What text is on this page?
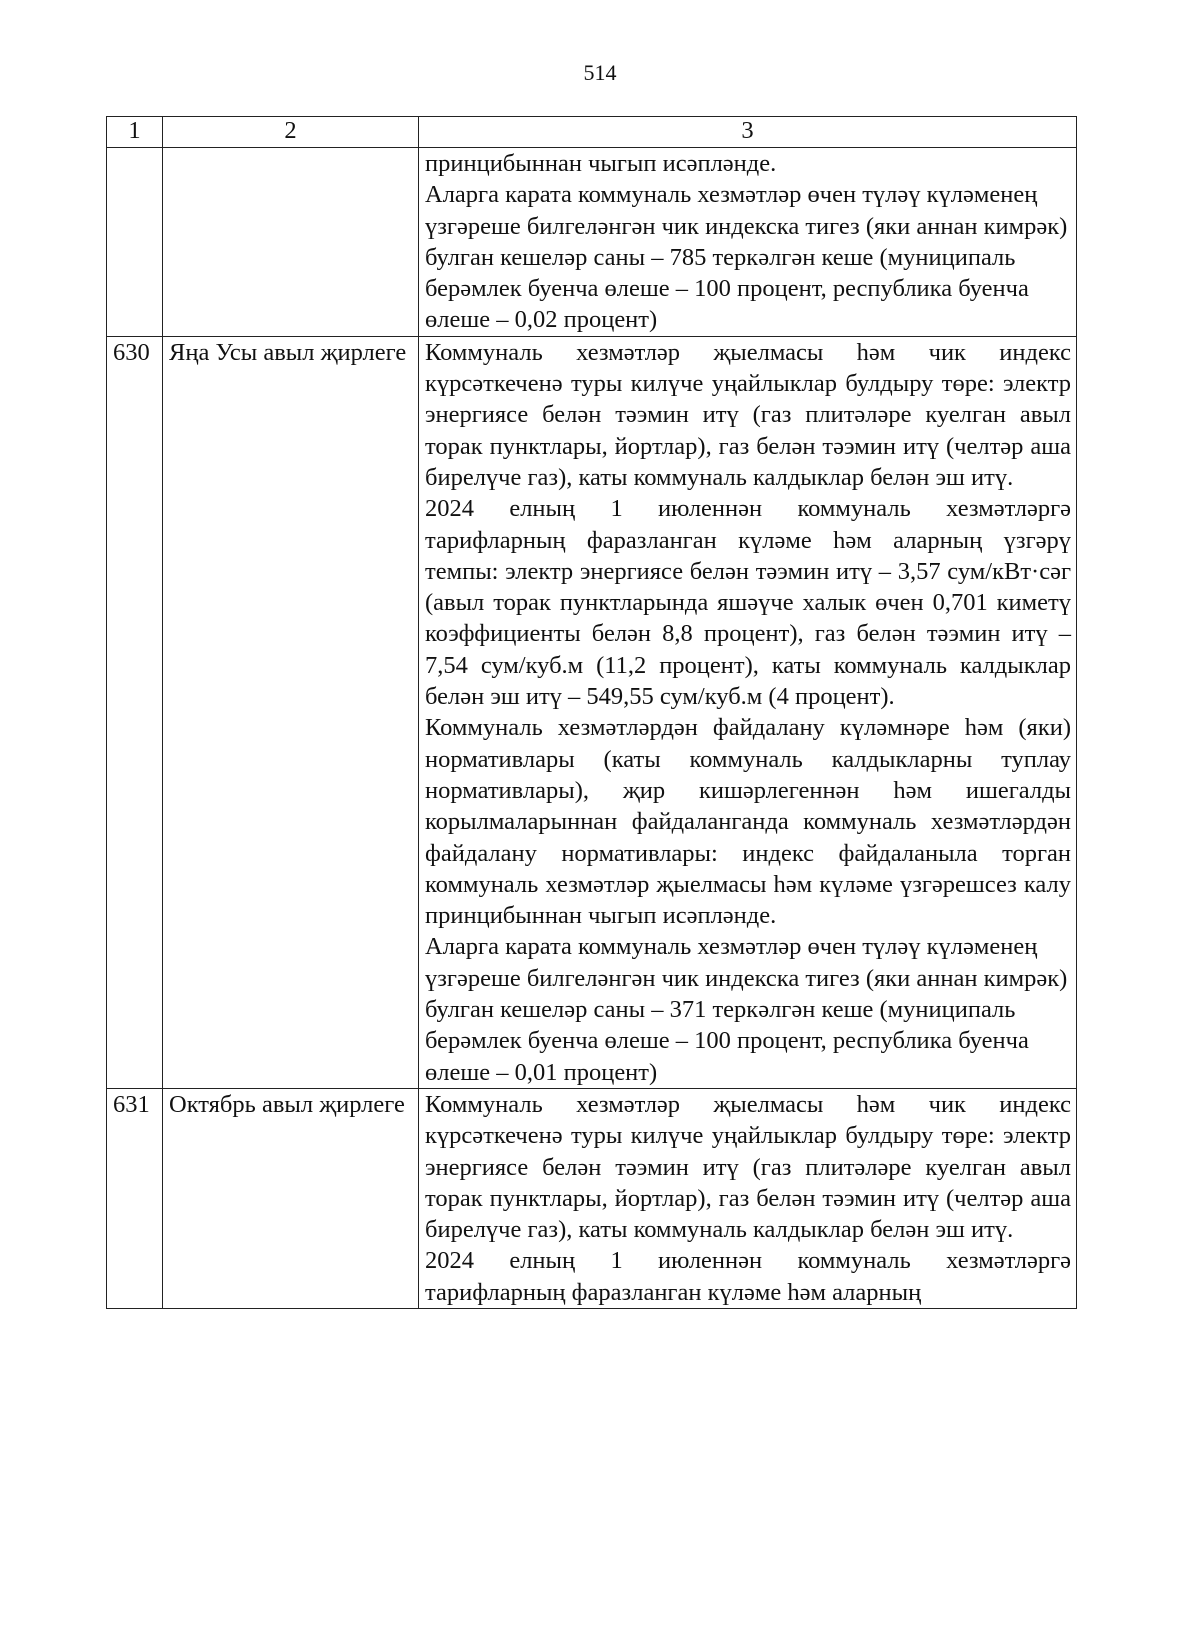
514
1	2	3

		принцибыннан чыгып исәпләнде.

Аларга карата коммуналь хезмәтләр өчен түләү күләменең үзгәреше билгеләнгән чик индекска тигез (яки аннан кимрәк) булган кешеләр саны – 785 теркәлгән кеше (муниципаль берәмлек буенча өлеше – 100 процент, республика буенча өлеше – 0,02 процент)

630	Яңа Усы авыл җирлеге	Коммуналь хезмәтләр җыелмасы һәм чик индекс күрсәткеченә туры килүче уңайлыклар булдыру төре: электр энергиясе белән тәэмин итү (газ плитәләре куелган авыл торак пунктлары, йортлар), газ белән тәэмин итү (челтәр аша бирелүче газ), каты коммуналь калдыклар белән эш итү.

2024 елның 1 июленнән коммуналь хезмәтләргә тарифларның фаразланган күләме һәм аларның үзгәрү темпы: электр энергиясе белән тәэмин итү – 3,57 сум/кВт·сәг (авыл торак пунктларында яшәүче халык өчен 0,701 киметү коэффициенты белән 8,8 процент), газ белән тәэмин итү – 7,54 сум/куб.м (11,2 процент), каты коммуналь калдыклар белән эш итү – 549,55 сум/куб.м (4 процент).

Коммуналь хезмәтләрдән файдалану күләмнәре һәм (яки) нормативлары (каты коммуналь калдыкларны туплау нормативлары), җир кишәрлегеннән һәм ишегалды корылмаларыннан файдаланганда коммуналь хезмәтләрдән файдалану нормативлары: индекс файдаланыла торган коммуналь хезмәтләр җыелмасы һәм күләме үзгәрешсез калу принцибыннан чыгып исәпләнде.

Аларга карата коммуналь хезмәтләр өчен түләү күләменең үзгәреше билгеләнгән чик индекска тигез (яки аннан кимрәк) булган кешеләр саны – 371 теркәлгән кеше (муниципаль берәмлек буенча өлеше – 100 процент, республика буенча өлеше – 0,01 процент)

631	Октябрь авыл җирлеге	Коммуналь хезмәтләр җыелмасы һәм чик индекс күрсәткеченә туры килүче уңайлыклар булдыру төре: электр энергиясе белән тәэмин итү (газ плитәләре куелган авыл торак пунктлары, йортлар), газ белән тәэмин итү (челтәр аша бирелүче газ), каты коммуналь калдыклар белән эш итү.

2024 елның 1 июленнән коммуналь хезмәтләргә тарифларның фаразланган күләме һәм аларның
